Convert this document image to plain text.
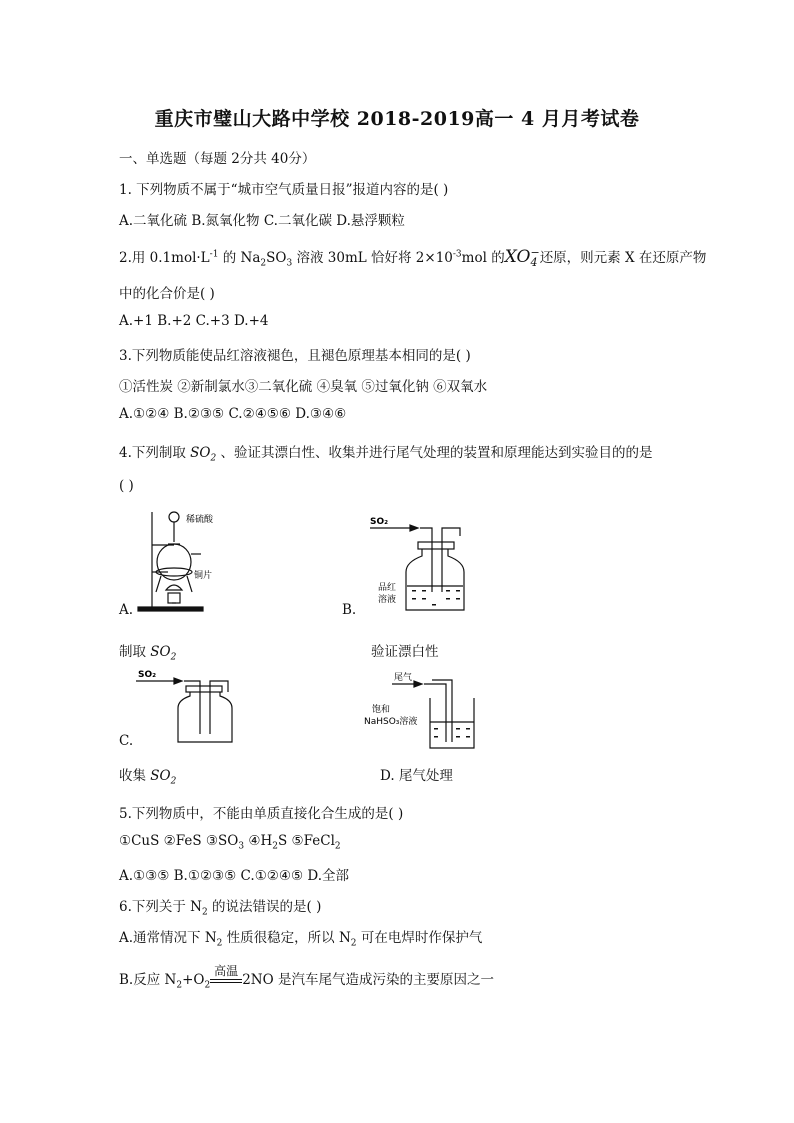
重庆市璧山大路中学校 2018-2019高一 4 月月考试卷
一、单选题（每题 2分共 40分）
1. 下列物质不属于“城市空气质量日报”报道内容的是( )
A.二氧化硫 B.氮氧化物 C.二氧化碳 D.悬浮颗粒
2.用 $0.1mol\cdot L^{-1}$ 的 $Na_2SO_3$ 溶液 30mL 恰好将 $2\times 10^{-3}mol$ 的XO −
4 还原，则元素 X 在还原产物
中的化合价是( )
A.+1 B.+2 C.+3 D.+4
3.下列物质能使品红溶液褪色，且褪色原理基本相同的是( )
①活性炭 ②新制氯水③二氧化硫 ④臭氧 ⑤过氧化钠 ⑥双氧水
A.①②④ B.②③⑤ C.②④⑤⑥ D.③④⑥
4.下列制取 $SO_2$ 、验证其漂白性、收集并进行尾气处理的装置和原理能达到实验目的的是
( )
稀硫酸
铜片
A.
制取 $SO_2$
SO₂
品红
溶液
B.
验证漂白性
SO₂
C.
收集 $SO_2$
尾气
饱和
NaHSO₃溶液
D. 尾气处理
5.下列物质中，不能由单质直接化合生成的是( )
①CuS ②FeS $③SO_3$ $④H_2S$ ⑤FeCl$_2$
A.①③⑤ B.①②③⑤ C.①②④⑤ D.全部
6.下列关于 $N_2$ 的说法错误的是( )
A.通常情况下 $N_2$ 性质很稳定，所以 $N_2$ 可在电焊时作保护气
B.反应 $N_2+O_2$
高温
2NO 是汽车尾气造成污染的主要原因之一
